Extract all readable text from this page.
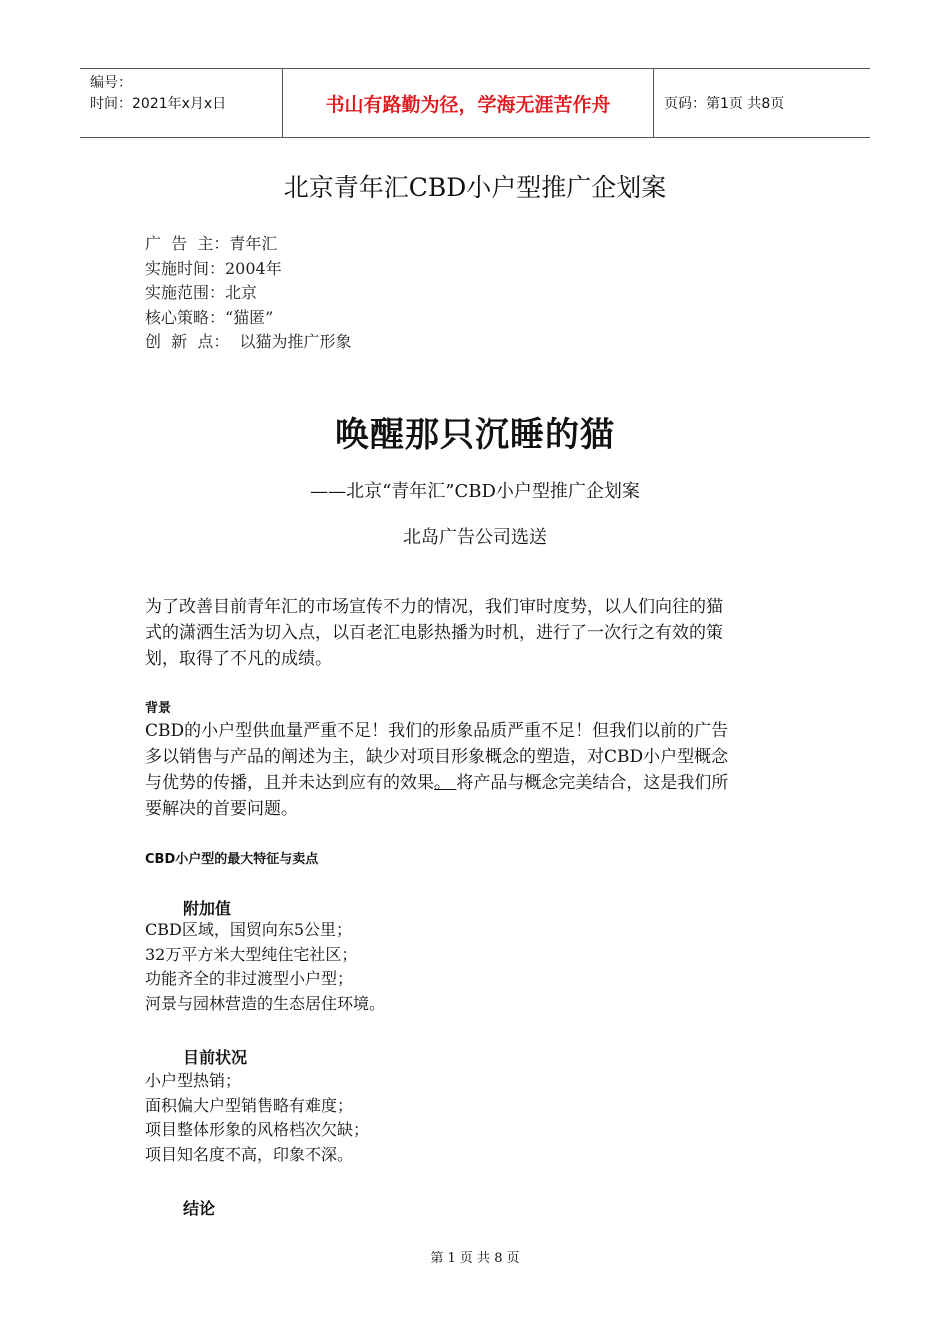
编号：
时间：2021年x月x日	书山有路勤为径，学海无涯苦作舟	页码：第1页 共8页
北京青年汇CBD小户型推广企划案
广  告  主：青年汇
实施时间：2004年
实施范围：北京
核心策略：“猫匿”
创  新  点：  以猫为推广形象
唤醒那只沉睡的猫
——北京“青年汇”CBD小户型推广企划案
北岛广告公司选送
为了改善目前青年汇的市场宣传不力的情况，我们审时度势，以人们向往的猫
式的潇洒生活为切入点，以百老汇电影热播为时机，进行了一次行之有效的策
划，取得了不凡的成绩。
背景
CBD的小户型供血量严重不足！我们的形象品质严重不足！但我们以前的广告
多以销售与产品的阐述为主，缺少对项目形象概念的塑造，对CBD小户型概念
与优势的传播，且并未达到应有的效果。 将产品与概念完美结合，这是我们所
要解决的首要问题。
CBD小户型的最大特征与卖点
附加值
CBD区域，国贸向东5公里；
32万平方米大型纯住宅社区；
功能齐全的非过渡型小户型；
河景与园林营造的生态居住环境。
目前状况
小户型热销；
面积偏大户型销售略有难度；
项目整体形象的风格档次欠缺；
项目知名度不高，印象不深。
结论
第 1 页 共 8 页
